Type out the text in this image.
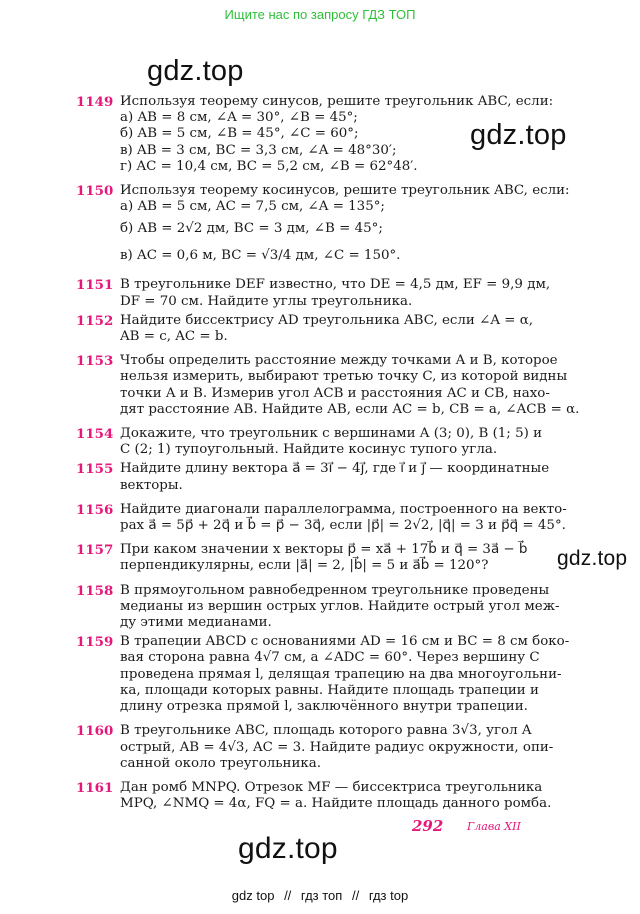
Ищите нас по запросу ГДЗ ТОП
gdz.top
gdz.top
gdz.top
gdz.top
1149 Используя теорему синусов, решите треугольник ABC, если:
а) AB = 8 см, ∠A = 30°, ∠B = 45°;
б) AB = 5 см, ∠B = 45°, ∠C = 60°;
в) AB = 3 см, BC = 3,3 см, ∠A = 48°30′;
г) AC = 10,4 см, BC = 5,2 см, ∠B = 62°48′.
1150 Используя теорему косинусов, решите треугольник ABC, если:
а) AB = 5 см, AC = 7,5 см, ∠A = 135°;
б) AB = 2√2 дм, BC = 3 дм, ∠B = 45°;
в) AC = 0,6 м, BC = √3/4 дм, ∠C = 150°.
1151 В треугольнике DEF известно, что DE = 4,5 дм, EF = 9,9 дм,
DF = 70 см. Найдите углы треугольника.
1152 Найдите биссектрису AD треугольника ABC, если ∠A = α,
AB = c, AC = b.
1153 Чтобы определить расстояние между точками A и B, которое
нельзя измерить, выбирают третью точку C, из которой видны
точки A и B. Измерив угол ACB и расстояния AC и CB, нахо-
дят расстояние AB. Найдите AB, если AC = b, CB = a, ∠ACB = α.
1154 Докажите, что треугольник с вершинами A (3; 0), B (1; 5) и
C (2; 1) тупоугольный. Найдите косинус тупого угла.
1155 Найдите длину вектора a⃗ = 3i⃗ − 4j⃗, где i⃗ и j⃗ — координатные
векторы.
1156 Найдите диагонали параллелограмма, построенного на векто-
рах a⃗ = 5p⃗ + 2q⃗ и b⃗ = p⃗ − 3q⃗, если |p⃗| = 2√2, |q⃗| = 3 и p⃗q⃗ = 45°.
1157 При каком значении x векторы p⃗ = xa⃗ + 17b⃗ и q⃗ = 3a⃗ − b⃗
перпендикулярны, если |a⃗| = 2, |b⃗| = 5 и a⃗b⃗ = 120°?
1158 В прямоугольном равнобедренном треугольнике проведены
медианы из вершин острых углов. Найдите острый угол меж-
ду этими медианами.
1159 В трапеции ABCD с основаниями AD = 16 см и BC = 8 см боко-
вая сторона равна 4√7 см, а ∠ADC = 60°. Через вершину C
проведена прямая l, делящая трапецию на два многоугольни-
ка, площади которых равны. Найдите площадь трапеции и
длину отрезка прямой l, заключённого внутри трапеции.
1160 В треугольнике ABC, площадь которого равна 3√3, угол A
острый, AB = 4√3, AC = 3. Найдите радиус окружности, опи-
санной около треугольника.
1161 Дан ромб MNPQ. Отрезок MF — биссектриса треугольника
MPQ, ∠NMQ = 4α, FQ = a. Найдите площадь данного ромба.
292 Глава XII
gdz top // гдз топ // гдз top
